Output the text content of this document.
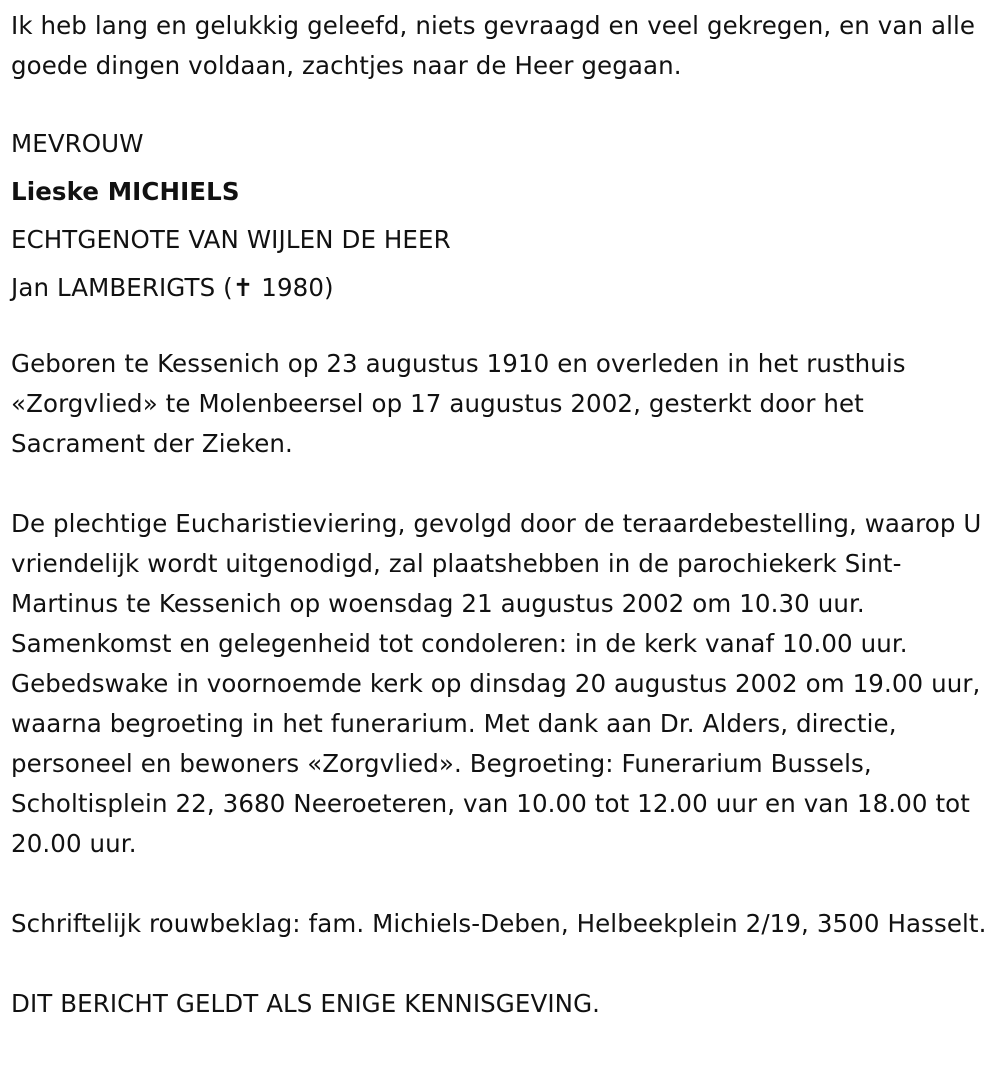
Ik heb lang en gelukkig geleefd, niets gevraagd en veel gekregen, en van alle goede dingen voldaan, zachtjes naar de Heer gegaan.

MEVROUW

Lieske MICHIELS

ECHTGENOTE VAN WIJLEN DE HEER

Jan LAMBERIGTS (✝ 1980)

Geboren te Kessenich op 23 augustus 1910 en overleden in het rusthuis «Zorgvlied» te Molenbeersel op 17 augustus 2002, gesterkt door het Sacrament der Zieken.

De plechtige Eucharistieviering, gevolgd door de teraardebestelling, waarop U vriendelijk wordt uitgenodigd, zal plaatshebben in de parochiekerk Sint-Martinus te Kessenich op woensdag 21 augustus 2002 om 10.30 uur. Samenkomst en gelegenheid tot condoleren: in de kerk vanaf 10.00 uur. Gebedswake in voornoemde kerk op dinsdag 20 augustus 2002 om 19.00 uur, waarna begroeting in het funerarium. Met dank aan Dr. Alders, directie, personeel en bewoners «Zorgvlied». Begroeting: Funerarium Bussels, Scholtisplein 22, 3680 Neeroeteren, van 10.00 tot 12.00 uur en van 18.00 tot 20.00 uur.

Schriftelijk rouwbeklag: fam. Michiels-Deben, Helbeekplein 2/19, 3500 Hasselt.

DIT BERICHT GELDT ALS ENIGE KENNISGEVING.
